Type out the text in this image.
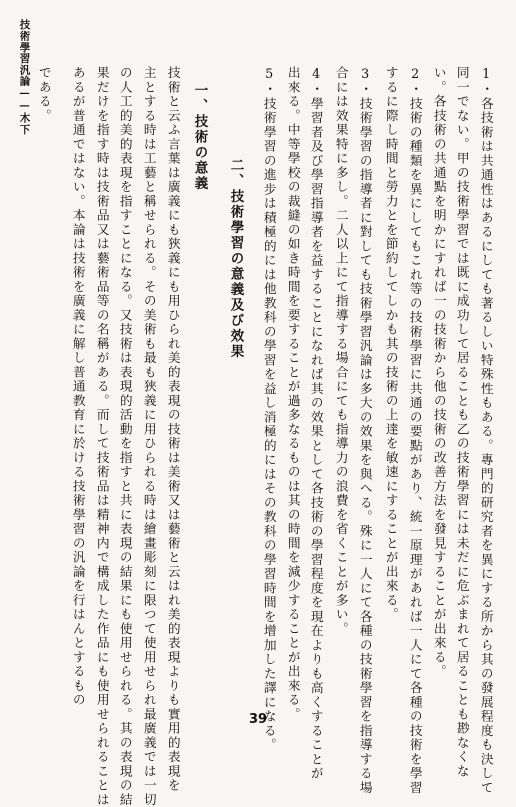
技術學習汎論——木下	1・各技術は共通性はあるにしても著るしい特殊性もある。專門的研究者を異にする所から其の發展程度も決して
同一でない。甲の技術學習では既に成功して居ることも乙の技術學習には未だに危ぶまれて居ることも尠なくな
い。各技術の共通點を明かにすれば一の技術から他の技術の改善方法を發見することが出來る。
2・技術の種類を異にしてもこれ等の技術學習に共通の要點があり、統一原理があれば一人にて各種の技術を學習
するに際し時間と勞力とを節約してしかも其の技術の上達を敏速にすることが出來る。
3・技術學習の指導者に對しても技術學習汎論は多大の效果を與へる。殊に一人にて各種の技術學習を指導する場
合には效果特に多し。二人以上にて指導する場合にても指導力の浪費を省くことが多い。
4・學習者及び學習指導者を益することになれば其の效果として各技術の學習程度を現在よりも高くすることが
出來る。中等學校の裁縫の如き時間を要することが過多なるものは其の時間を減少することが出來る。
5・技術學習の進步は積極的には他教科の學習を益し消極的にはその教科の學習時間を增加した譯になる。
二、技術學習の意義及び效果
一、技術の意義
技術と云ふ言葉は廣義にも狹義にも用ひられ美的表現の技術は美術又は藝術と云はれ美的表現よりも實用的表現を
主とする時は工藝と稱せられる。その美術も最も狹義に用ひられる時は繪畫彫刻に限つて使用せられ最廣義では一切
の人工的美的表現を指すことになる。又技術は表現的活動を指すと共に表現の結果にも使用せられる。其の表現の結
果だけを指す時は技術品又は藝術品等の名稱がある。而して技術品は精神内で構成した作品にも使用せられることは
あるが普通ではない。本論は技術を廣義に解し普通教育に於ける技術學習の汎論を行はんとするもの
である。
39
